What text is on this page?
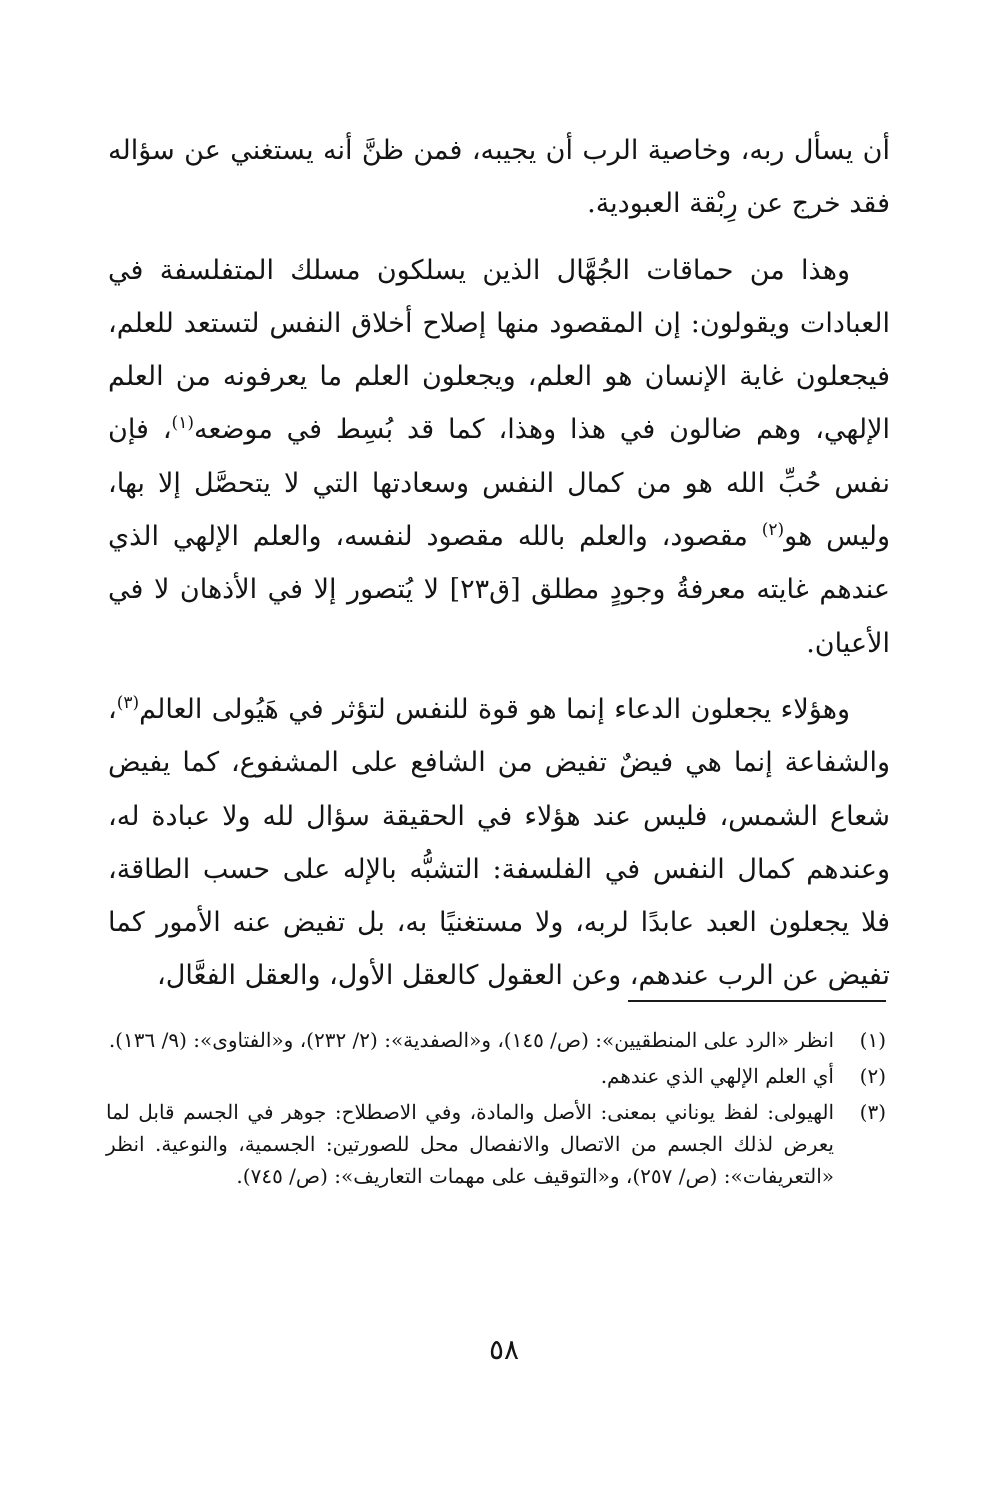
أن يسأل ربه، وخاصية الرب أن يجيبه، فمن ظنَّ أنه يستغني عن سؤاله فقد خرج عن رِبْقة العبودية.

وهذا من حماقات الجُهَّال الذين يسلكون مسلك المتفلسفة في العبادات ويقولون: إن المقصود منها إصلاح أخلاق النفس لتستعد للعلم، فيجعلون غاية الإنسان هو العلم، ويجعلون العلم ما يعرفونه من العلم الإلهي، وهم ضالون في هذا وهذا، كما قد بُسِط في موضعه$^{(١)}$، فإن نفس حُبِّ الله هو من كمال النفس وسعادتها التي لا يتحصَّل إلا بها، وليس هو$^{(٢)}$ مقصود، والعلم بالله مقصود لنفسه، والعلم الإلهي الذي عندهم غايته معرفةُ وجودٍ مطلق [ق٢٣] لا يُتصور إلا في الأذهان لا في الأعيان.

وهؤلاء يجعلون الدعاء إنما هو قوة للنفس لتؤثر في هَيُولى العالم$^{(٣)}$، والشفاعة إنما هي فيضٌ تفيض من الشافع على المشفوع، كما يفيض شعاع الشمس، فليس عند هؤلاء في الحقيقة سؤال لله ولا عبادة له، وعندهم كمال النفس في الفلسفة: التشبُّه بالإله على حسب الطاقة، فلا يجعلون العبد عابدًا لربه، ولا مستغنيًا به، بل تفيض عنه الأمور كما تفيض عن الرب عندهم، وعن العقول كالعقل الأول، والعقل الفعَّال،

(١)
انظر «الرد على المنطقيين»: (ص/ ١٤٥)، و«الصفدية»: (٢/ ٢٣٢)، و«الفتاوى»: (٩/ ١٣٦).
(٢)
أي العلم الإلهي الذي عندهم.
(٣)
الهيولى: لفظ يوناني بمعنى: الأصل والمادة، وفي الاصطلاح: جوهر في الجسم قابل لما يعرض لذلك الجسم من الاتصال والانفصال محل للصورتين: الجسمية، والنوعية. انظر «التعريفات»: (ص/ ٢٥٧)، و«التوقيف على مهمات التعاريف»: (ص/ ٧٤٥).
٥٨
